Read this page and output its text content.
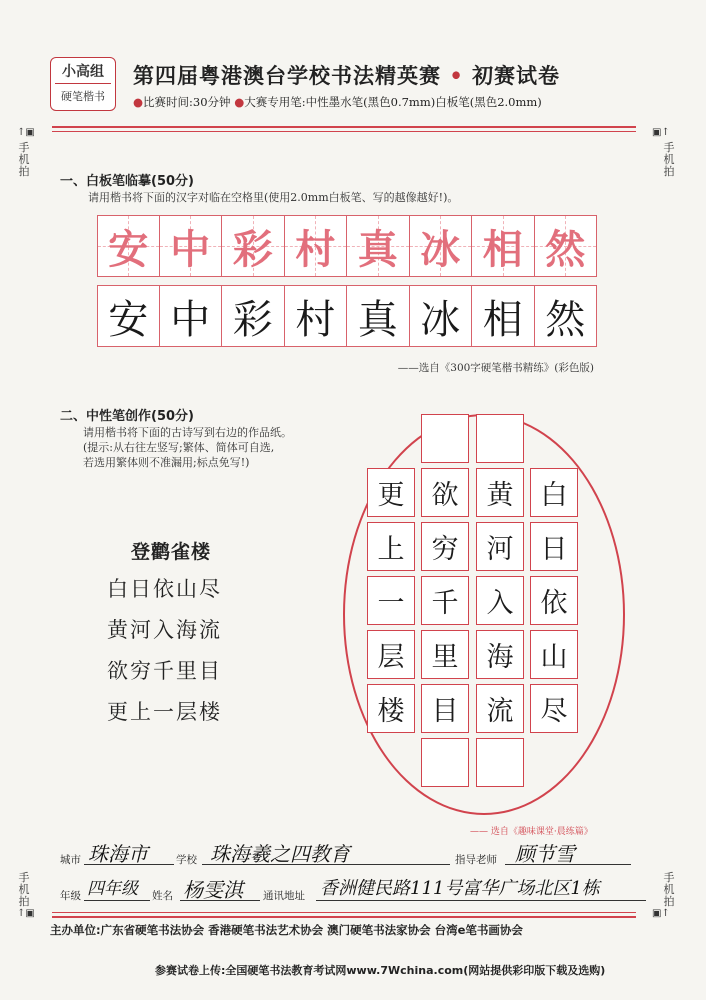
小高组
硬笔楷书
第四届粤港澳台学校书法精英赛 • 初赛试卷
●比赛时间:30分钟 ●大赛专用笔:中性墨水笔(黑色0.7mm)白板笔(黑色2.0mm)
↑▣
手机拍
▣↑
手机拍
手机拍
↑▣
手机拍
▣↑
一、白板笔临摹(50分)
请用楷书将下面的汉字对临在空格里(使用2.0mm白板笔、写的越像越好!)。
安 中 彩 村 真 冰 相 然
安 中 彩 村 真 冰 相 然
——选自《300字硬笔楷书精练》(彩色版)
二、中性笔创作(50分)
请用楷书将下面的古诗写到右边的作品纸。
(提示:从右往左竖写;繁体、简体可自选,
若选用繁体则不准漏用;标点免写!)
登鹳雀楼
白日依山尽
黄河入海流
欲穷千里目
更上一层楼
更
上
一
层
楼
欲
穷
千
里
目
黄
河
入
海
流
白
日
依
山
尽
—— 选自《趣味课堂·晨练篇》
城市 珠海市	学校 珠海羲之四教育	指导老师 顾节雪
年级 四年级 姓名 杨雯淇 通讯地址 香洲健民路111号富华广场北区1栋
主办单位:广东省硬笔书法协会 香港硬笔书法艺术协会 澳门硬笔书法家协会 台湾e笔书画协会
参赛试卷上传:全国硬笔书法教育考试网www.7Wchina.com(网站提供彩印版下载及选购)
